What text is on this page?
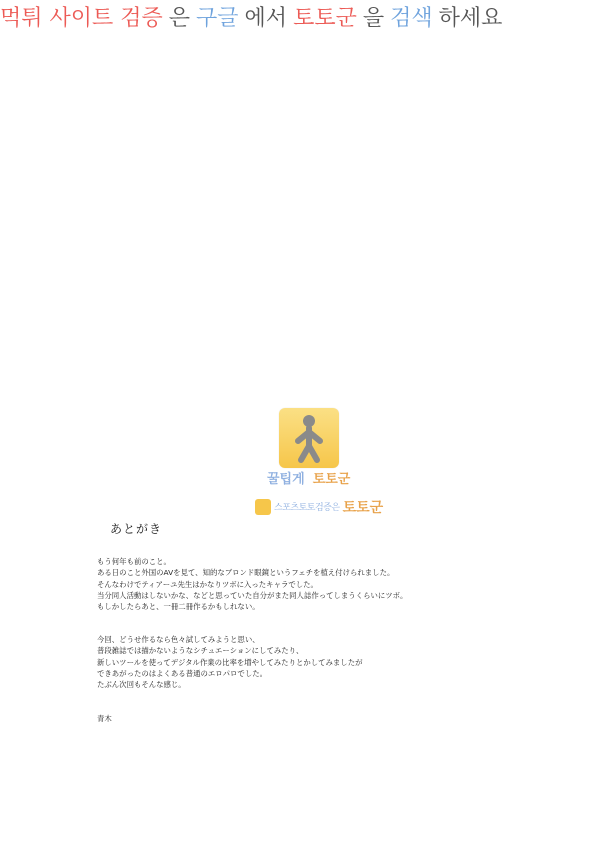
먹튀 사이트 검증 은 구글 에서 토토군 을 검색 하세요
꿀팁게 토토군
스포츠토토검증은 토토군
あとがき
もう何年も前のこと。
ある日のこと外国のAVを見て、知的なブロンド眼鏡というフェチを植え付けられました。
そんなわけでティアーユ先生はかなりツボに入ったキャラでした。
当分同人活動はしないかな、などと思っていた自分がまた同人誌作ってしまうくらいにツボ。
もしかしたらあと、一冊二冊作るかもしれない。
今回、どうせ作るなら色々試してみようと思い、
普段雑誌では描かないようなシチュエーションにしてみたり、
新しいツールを使ってデジタル作業の比率を増やしてみたりとかしてみましたが
できあがったのはよくある普通のエロパロでした。
たぶん次回もそんな感じ。
青木
